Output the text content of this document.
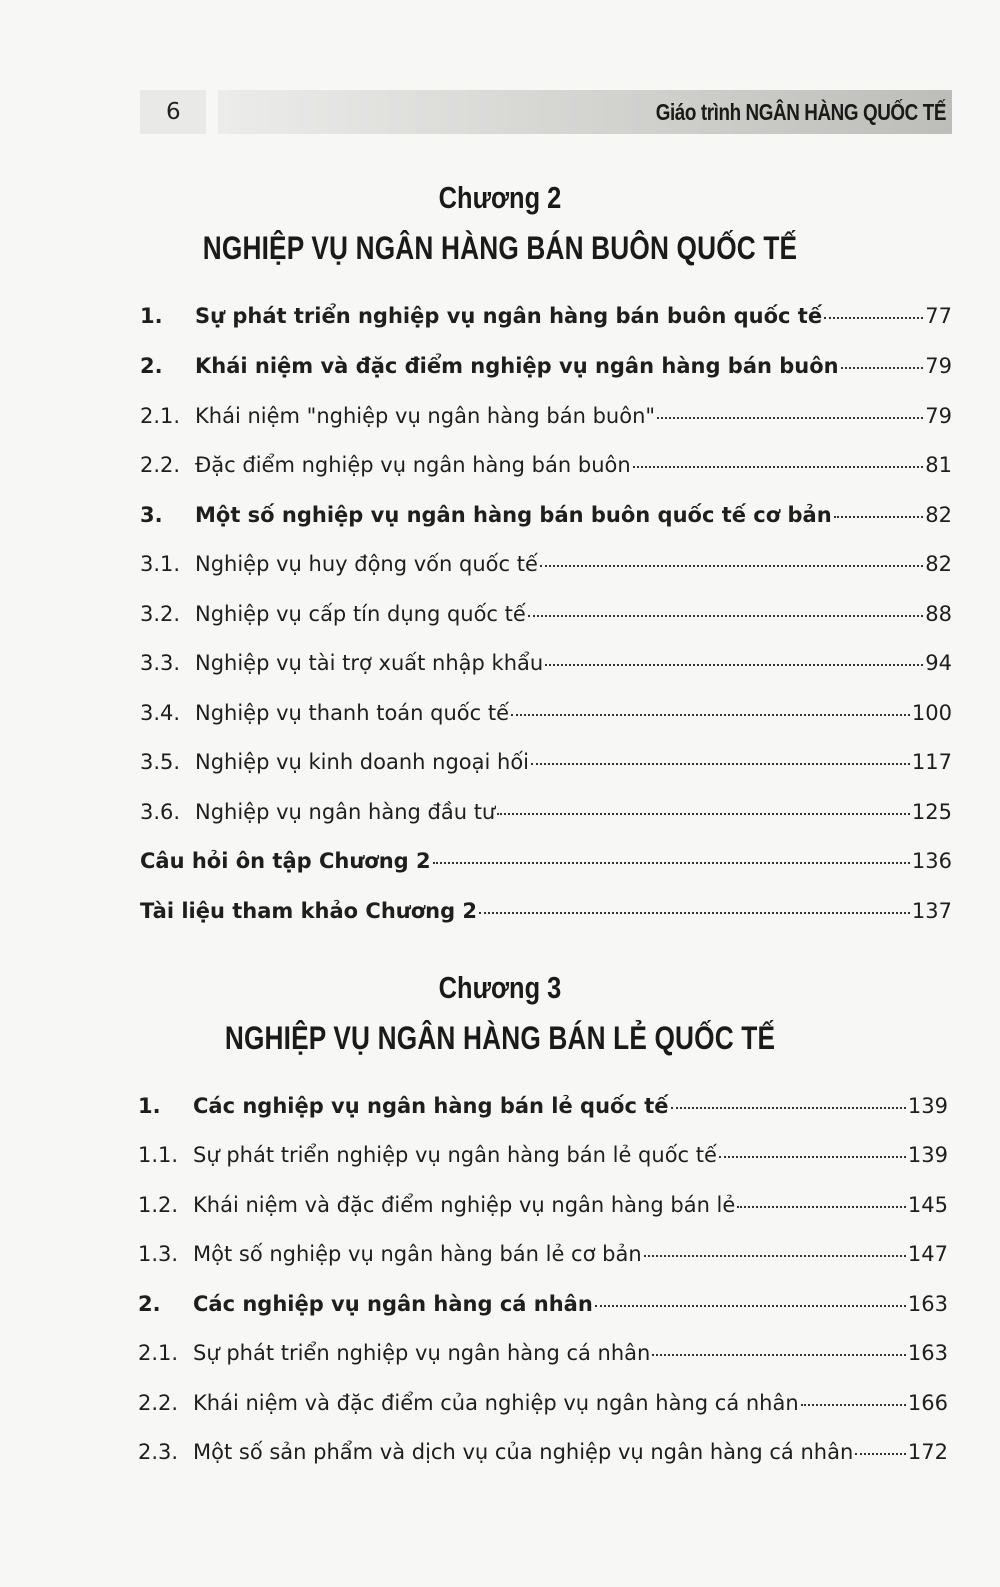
6	Giáo trình NGÂN HÀNG QUỐC TẾ
Chương 2
NGHIỆP VỤ NGÂN HÀNG BÁN BUÔN QUỐC TẾ
1.	Sự phát triển nghiệp vụ ngân hàng bán buôn quốc tế	77
2.	Khái niệm và đặc điểm nghiệp vụ ngân hàng bán buôn	79
2.1. Khái niệm "nghiệp vụ ngân hàng bán buôn"	79
2.2. Đặc điểm nghiệp vụ ngân hàng bán buôn	81
3.	Một số nghiệp vụ ngân hàng bán buôn quốc tế cơ bản	82
3.1. Nghiệp vụ huy động vốn quốc tế	82
3.2. Nghiệp vụ cấp tín dụng quốc tế	88
3.3. Nghiệp vụ tài trợ xuất nhập khẩu	94
3.4. Nghiệp vụ thanh toán quốc tế	100
3.5. Nghiệp vụ kinh doanh ngoại hối	117
3.6. Nghiệp vụ ngân hàng đầu tư	125
Câu hỏi ôn tập Chương 2	136
Tài liệu tham khảo Chương 2	137
Chương 3
NGHIỆP VỤ NGÂN HÀNG BÁN LẺ QUỐC TẾ
1.	Các nghiệp vụ ngân hàng bán lẻ quốc tế	139
1.1. Sự phát triển nghiệp vụ ngân hàng bán lẻ quốc tế	139
1.2. Khái niệm và đặc điểm nghiệp vụ ngân hàng bán lẻ	145
1.3. Một số nghiệp vụ ngân hàng bán lẻ cơ bản	147
2.	Các nghiệp vụ ngân hàng cá nhân	163
2.1. Sự phát triển nghiệp vụ ngân hàng cá nhân	163
2.2. Khái niệm và đặc điểm của nghiệp vụ ngân hàng cá nhân	166
2.3. Một số sản phẩm và dịch vụ của nghiệp vụ ngân hàng cá nhân	172
